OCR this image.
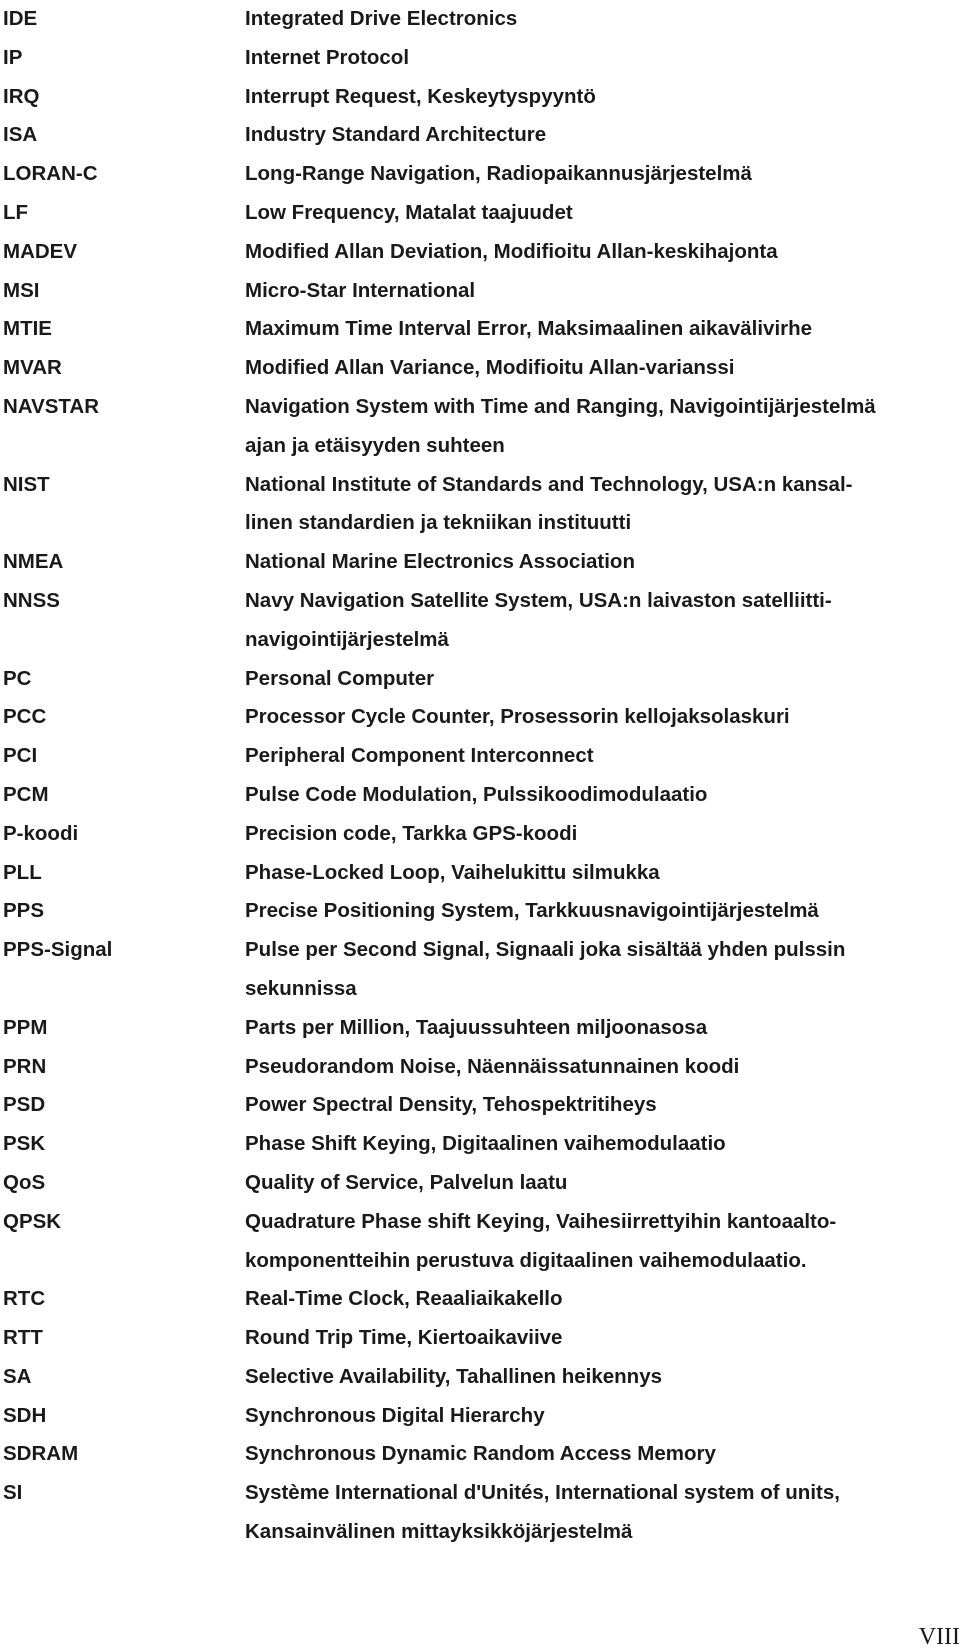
IDE	Integrated Drive Electronics
IP	Internet Protocol
IRQ	Interrupt Request, Keskeytyspyyntö
ISA	Industry Standard Architecture
LORAN-C	Long-Range Navigation, Radiopaikannusjärjestelmä
LF	Low Frequency, Matalat taajuudet
MADEV	Modified Allan Deviation, Modifioitu Allan-keskihajonta
MSI	Micro-Star International
MTIE	Maximum Time Interval Error, Maksimaalinen aikavälivirhe
MVAR	Modified Allan Variance, Modifioitu Allan-varianssi
NAVSTAR	Navigation System with Time and Ranging, Navigointijärjestelmä
ajan ja etäisyyden suhteen
NIST	National Institute of Standards and Technology, USA:n kansal-
linen standardien ja tekniikan instituutti
NMEA	National Marine Electronics Association
NNSS	Navy Navigation Satellite System, USA:n laivaston satelliitti-
navigointijärjestelmä
PC	Personal Computer
PCC	Processor Cycle Counter, Prosessorin kellojaksolaskuri
PCI	Peripheral Component Interconnect
PCM	Pulse Code Modulation, Pulssikoodimodulaatio
P-koodi	Precision code, Tarkka GPS-koodi
PLL	Phase-Locked Loop, Vaihelukittu silmukka
PPS	Precise Positioning System, Tarkkuusnavigointijärjestelmä
PPS-Signal	Pulse per Second Signal, Signaali joka sisältää yhden pulssin
sekunnissa
PPM	Parts per Million, Taajuussuhteen miljoonasosa
PRN	Pseudorandom Noise, Näennäissatunnainen koodi
PSD	Power Spectral Density, Tehospektritiheys
PSK	Phase Shift Keying, Digitaalinen vaihemodulaatio
QoS	Quality of Service, Palvelun laatu
QPSK	Quadrature Phase shift Keying, Vaihesiirrettyihin kantoaalto-
komponentteihin perustuva digitaalinen vaihemodulaatio.
RTC	Real-Time Clock, Reaaliaikakello
RTT	Round Trip Time, Kiertoaikaviive
SA	Selective Availability, Tahallinen heikennys
SDH	Synchronous Digital Hierarchy
SDRAM	Synchronous Dynamic Random Access Memory
SI	Système International d'Unités, International system of units,
Kansainvälinen mittayksikköjärjestelmä
VIII
